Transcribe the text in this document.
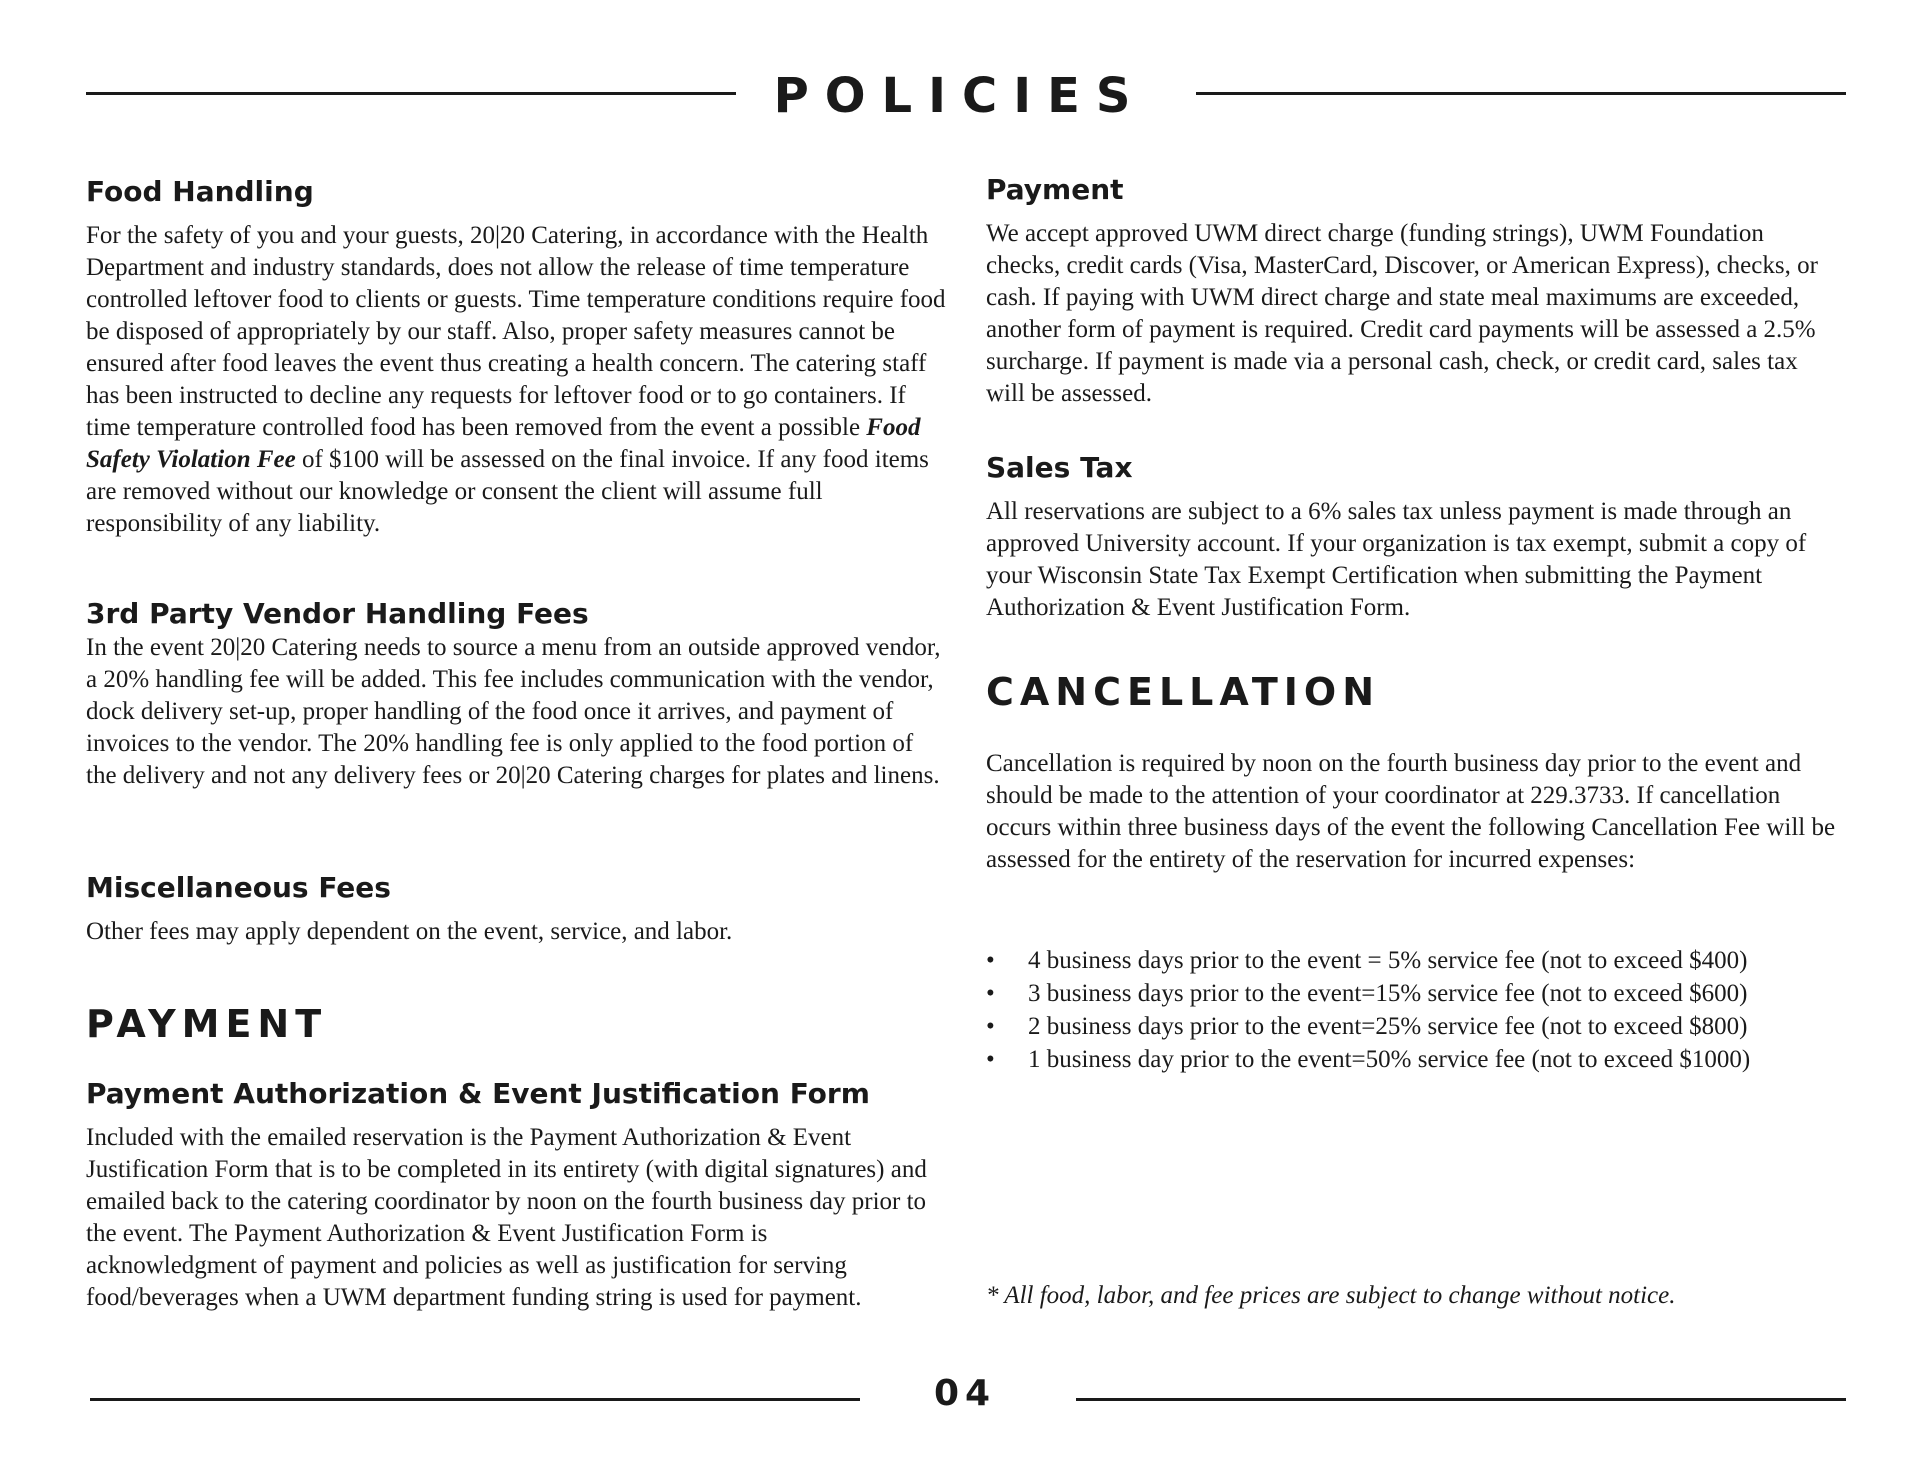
POLICIES
Food Handling

For the safety of you and your guests, 20|20 Catering, in accordance with the Health Department and industry standards, does not allow the release of time temperature controlled leftover food to clients or guests. Time temperature conditions require food be disposed of appropriately by our staff. Also, proper safety measures cannot be ensured after food leaves the event thus creating a health concern. The catering staff has been instructed to decline any requests for leftover food or to go containers. If time temperature controlled food has been removed from the event a possible Food Safety Violation Fee of $100 will be assessed on the final invoice. If any food items are removed without our knowledge or consent the client will assume full responsibility of any liability.

3rd Party Vendor Handling Fees

In the event 20|20 Catering needs to source a menu from an outside approved vendor, a 20% handling fee will be added. This fee includes communication with the vendor, dock delivery set-up, proper handling of the food once it arrives, and payment of invoices to the vendor. The 20% handling fee is only applied to the food portion of the delivery and not any delivery fees or 20|20 Catering charges for plates and linens.

Miscellaneous Fees

Other fees may apply dependent on the event, service, and labor.

PAYMENT
Payment Authorization & Event Justification Form

Included with the emailed reservation is the Payment Authorization & Event Justification Form that is to be completed in its entirety (with digital signatures) and emailed back to the catering coordinator by noon on the fourth business day prior to the event. The Payment Authorization & Event Justification Form is acknowledgment of payment and policies as well as justification for serving food/beverages when a UWM department funding string is used for payment.

Payment

We accept approved UWM direct charge (funding strings), UWM Foundation checks, credit cards (Visa, MasterCard, Discover, or American Express), checks, or cash. If paying with UWM direct charge and state meal maximums are exceeded, another form of payment is required. Credit card payments will be assessed a 2.5% surcharge. If payment is made via a personal cash, check, or credit card, sales tax will be assessed.

Sales Tax

All reservations are subject to a 6% sales tax unless payment is made through an approved University account. If your organization is tax exempt, submit a copy of your Wisconsin State Tax Exempt Certification when submitting the Payment Authorization & Event Justification Form.

CANCELLATION

Cancellation is required by noon on the fourth business day prior to the event and should be made to the attention of your coordinator at 229.3733. If cancellation occurs within three business days of the event the following Cancellation Fee will be assessed for the entirety of the reservation for incurred expenses:

• 4 business days prior to the event = 5% service fee (not to exceed $400)
• 3 business days prior to the event=15% service fee (not to exceed $600)
• 2 business days prior to the event=25% service fee (not to exceed $800)
• 1 business day prior to the event=50% service fee (not to exceed $1000)

* All food, labor, and fee prices are subject to change without notice.

04
